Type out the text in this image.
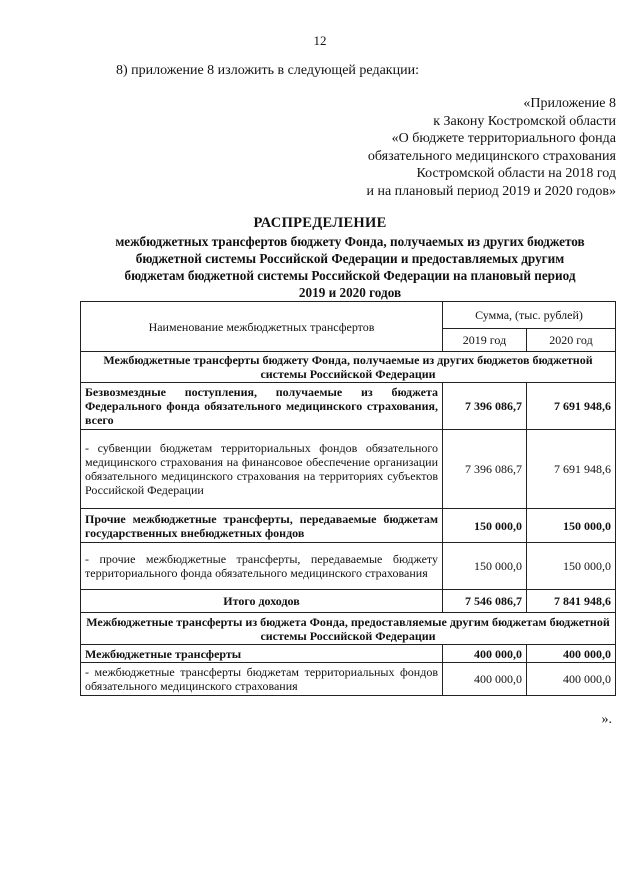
12
8) приложение 8 изложить в следующей редакции:
«Приложение 8
к Закону Костромской области
«О бюджете территориального фонда
обязательного медицинского страхования
Костромской области на 2018 год
и на плановый период 2019 и 2020 годов»
РАСПРЕДЕЛЕНИЕ
межбюджетных трансфертов бюджету Фонда, получаемых из других бюджетов
бюджетной системы Российской Федерации и предоставляемых другим
бюджетам бюджетной системы Российской Федерации на плановый период
2019 и 2020 годов
Наименование межбюджетных трансфертов	Сумма, (тыс. рублей)	
	2019 год	2020 год
Межбюджетные трансферты бюджету Фонда, получаемые из других бюджетов бюджетной системы Российской Федерации		
Безвозмездные поступления, получаемые из бюджета Федерального фонда обязательного медицинского страхования, всего	7 396 086,7	7 691 948,6
- субвенции бюджетам территориальных фондов обязательного медицинского страхования на финансовое обеспечение организации обязательного медицинского страхования на территориях субъектов Российской Федерации	7 396 086,7	7 691 948,6
Прочие межбюджетные трансферты, передаваемые бюджетам государственных внебюджетных фондов	150 000,0	150 000,0
- прочие межбюджетные трансферты, передаваемые бюджету территориального фонда обязательного медицинского страхования	150 000,0	150 000,0
Итого доходов	7 546 086,7	7 841 948,6
Межбюджетные трансферты из бюджета Фонда, предоставляемые другим бюджетам бюджетной системы Российской Федерации		
Межбюджетные трансферты	400 000,0	400 000,0
- межбюджетные трансферты бюджетам территориальных фондов обязательного медицинского страхования	400 000,0	400 000,0
».
